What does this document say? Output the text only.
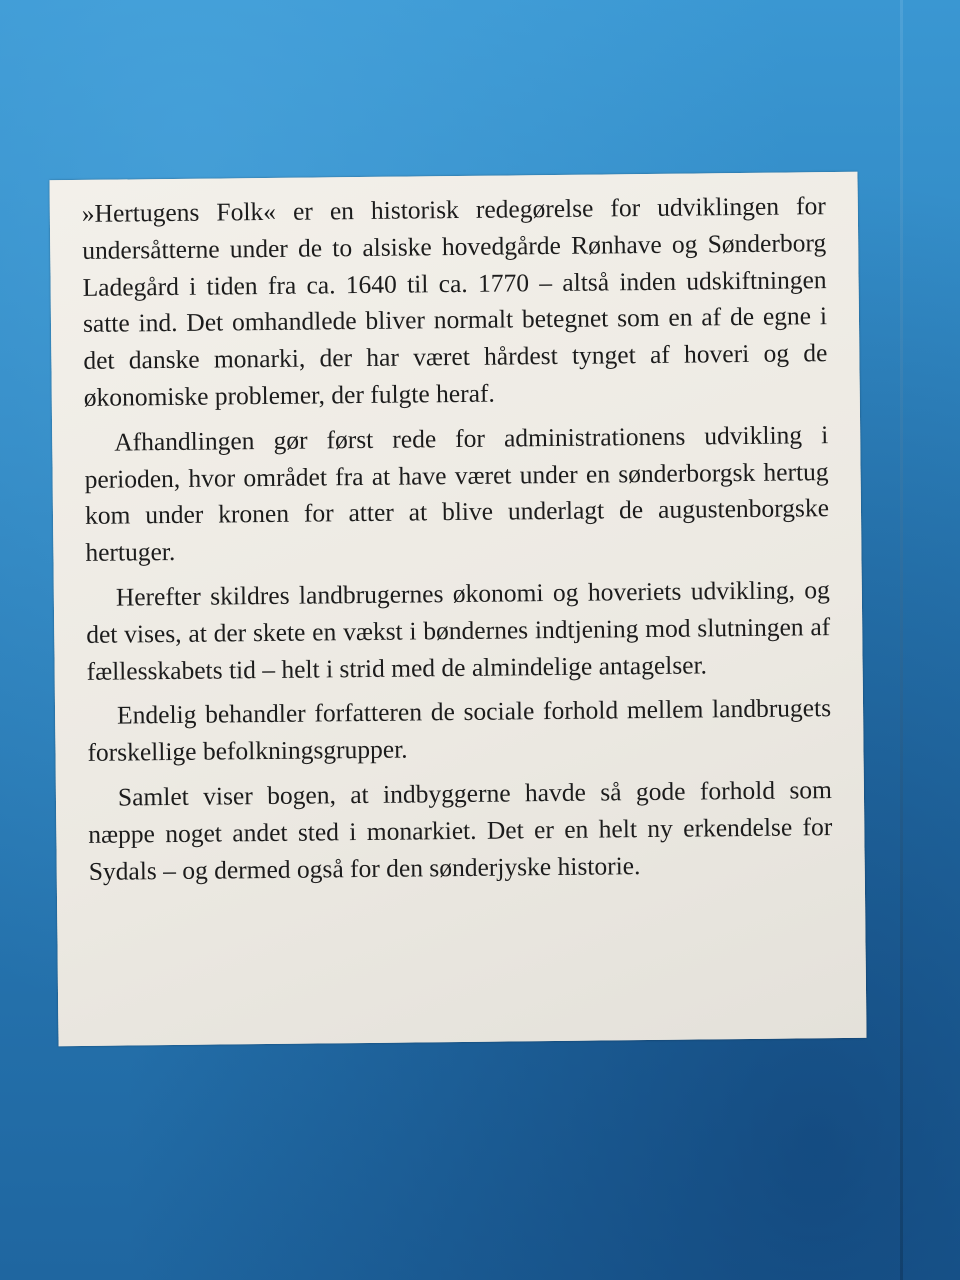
»Hertugens Folk« er en historisk redegørelse for udviklingen for undersåtterne under de to alsiske hovedgårde Rønhave og Sønderborg Ladegård i tiden fra ca. 1640 til ca. 1770 – altså inden udskiftningen satte ind. Det omhandlede bliver normalt betegnet som en af de egne i det danske monarki, der har været hårdest tynget af hoveri og de økonomiske problemer, der fulgte heraf.

Afhandlingen gør først rede for administrationens udvikling i perioden, hvor området fra at have været under en sønderborgsk hertug kom under kronen for atter at blive underlagt de augustenborgske hertuger.

Herefter skildres landbrugernes økonomi og hoveriets udvikling, og det vises, at der skete en vækst i bøndernes indtjening mod slutningen af fællesskabets tid – helt i strid med de almindelige antagelser.

Endelig behandler forfatteren de sociale forhold mellem landbrugets forskellige befolkningsgrupper.

Samlet viser bogen, at indbyggerne havde så gode forhold som næppe noget andet sted i monarkiet. Det er en helt ny erkendelse for Sydals – og dermed også for den sønderjyske historie.
